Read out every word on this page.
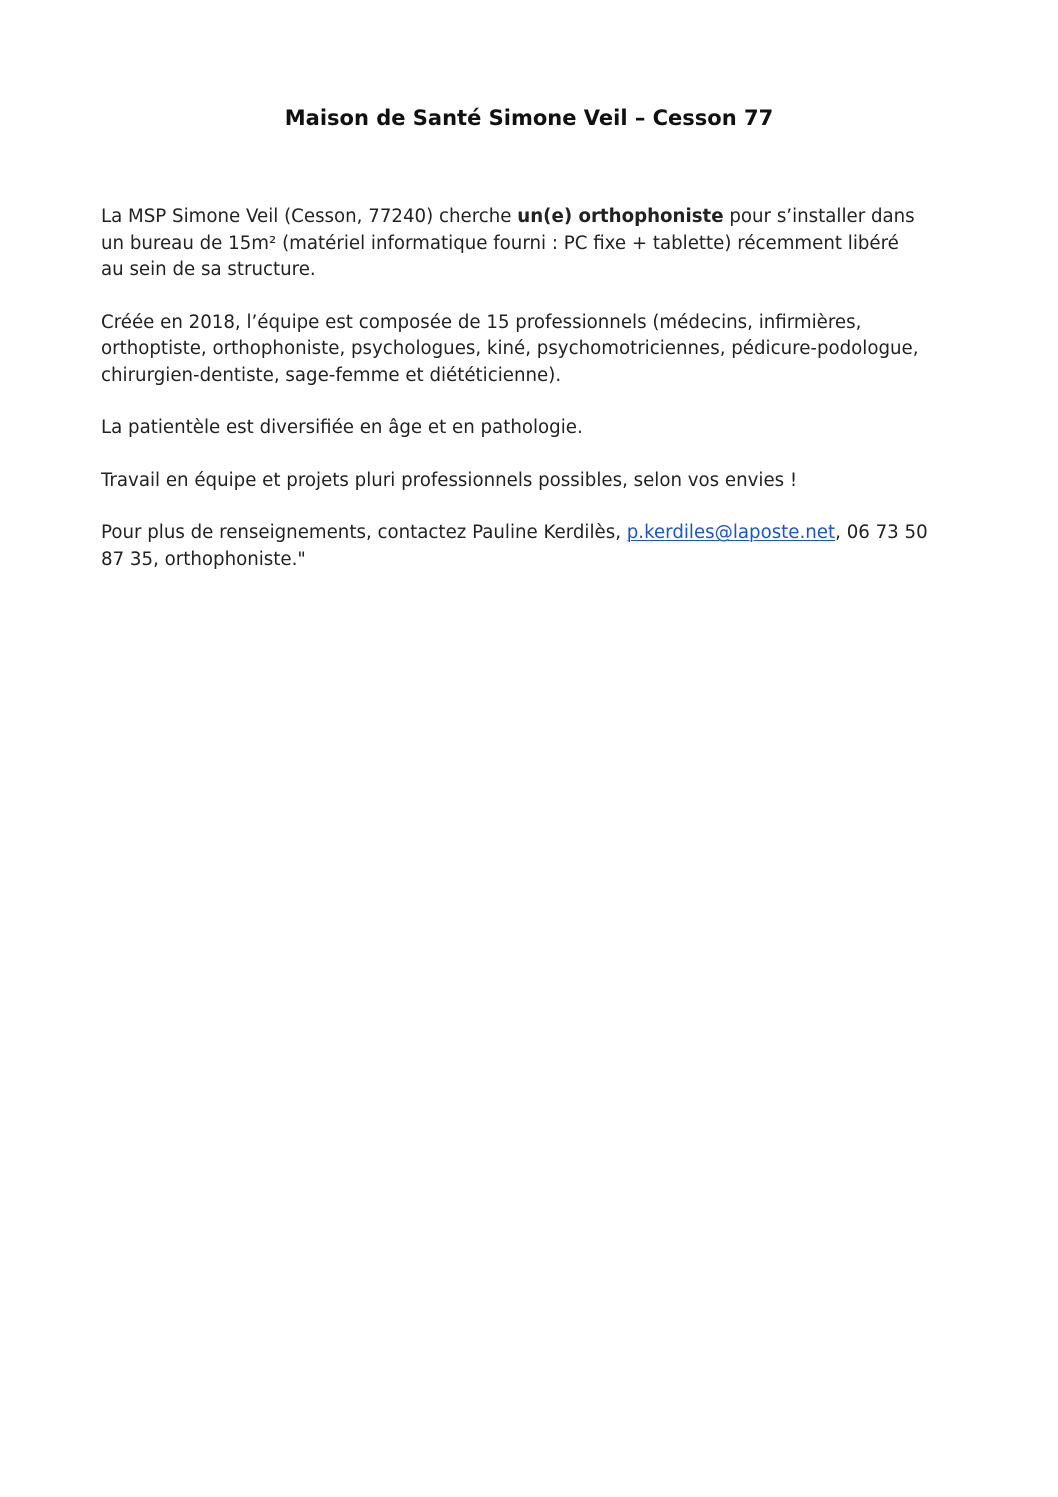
Maison de Santé Simone Veil – Cesson 77

La MSP Simone Veil (Cesson, 77240) cherche un(e) orthophoniste pour s’installer dans
un bureau de 15m² (matériel informatique fourni : PC fixe + tablette) récemment libéré
au sein de sa structure.

Créée en 2018, l’équipe est composée de 15 professionnels (médecins, infirmières,
orthoptiste, orthophoniste, psychologues, kiné, psychomotriciennes, pédicure-podologue,
chirurgien-dentiste, sage-femme et diététicienne).

La patientèle est diversifiée en âge et en pathologie.

Travail en équipe et projets pluri professionnels possibles, selon vos envies !

Pour plus de renseignements, contactez Pauline Kerdilès, p.kerdiles@laposte.net, 06 73 50
87 35, orthophoniste."
